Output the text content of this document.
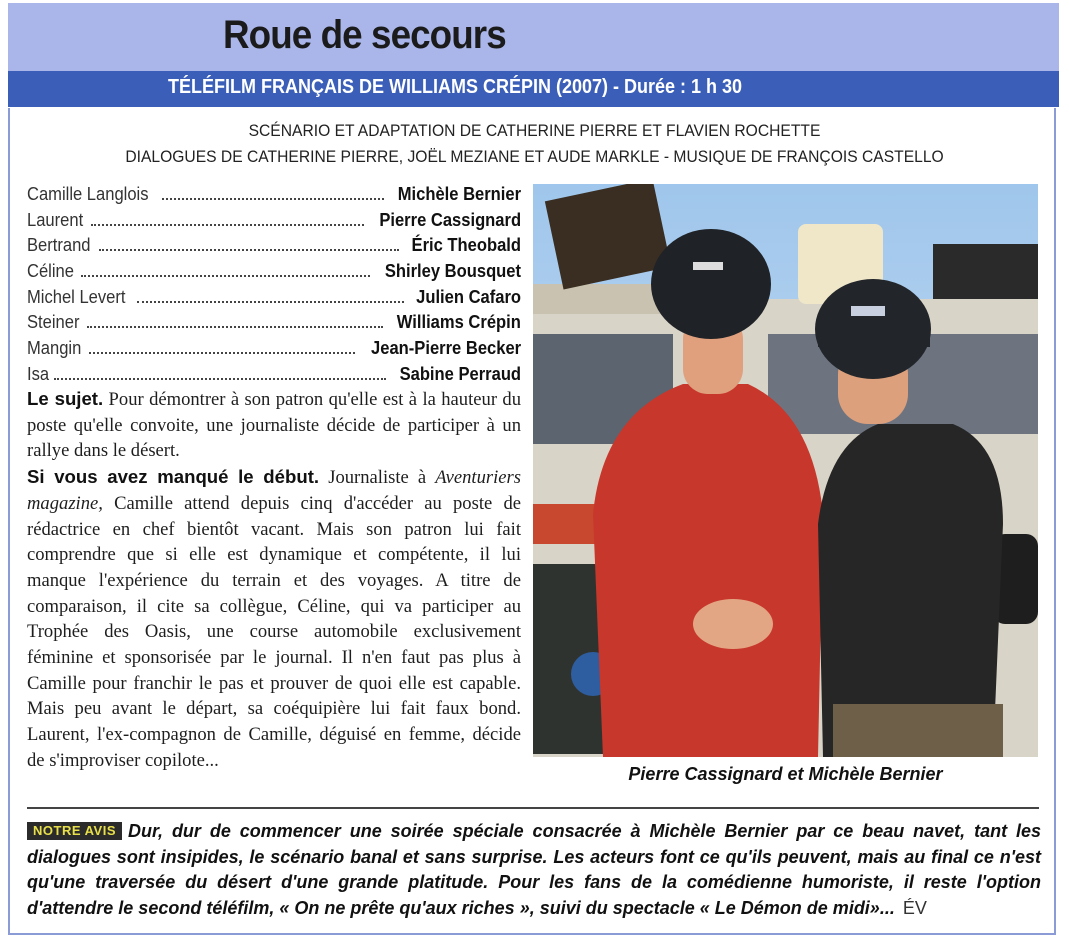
Roue de secours
TÉLÉFILM FRANÇAIS DE WILLIAMS CRÉPIN (2007) - Durée : 1 h 30
SCÉNARIO ET ADAPTATION DE CATHERINE PIERRE ET FLAVIEN ROCHETTE
DIALOGUES DE CATHERINE PIERRE, JOËL MEZIANE ET AUDE MARKLE - MUSIQUE DE FRANÇOIS CASTELLO
Camille Langlois	Michèle Bernier
Laurent	Pierre Cassignard
Bertrand	Éric Theobald
Céline	Shirley Bousquet
Michel Levert	Julien Cafaro
Steiner	Williams Crépin
Mangin	Jean-Pierre Becker
Isa	Sabine Perraud
Le sujet. Pour démontrer à son patron qu'elle est à la hauteur du poste qu'elle convoite, une journaliste décide de participer à un rallye dans le désert.
Si vous avez manqué le début. Journaliste à Aventuriers magazine, Camille attend depuis cinq d'accéder au poste de rédactrice en chef bientôt vacant. Mais son patron lui fait comprendre que si elle est dynamique et compétente, il lui manque l'expérience du terrain et des voyages. A titre de comparaison, il cite sa collègue, Céline, qui va participer au Trophée des Oasis, une course automobile exclusivement féminine et sponsorisée par le journal. Il n'en faut pas plus à Camille pour franchir le pas et prouver de quoi elle est capable. Mais peu avant le départ, sa coéquipière lui fait faux bond. Laurent, l'ex-compagnon de Camille, déguisé en femme, décide de s'improviser copilote...
Pierre Cassignard et Michèle Bernier
NOTRE AVIS Dur, dur de commencer une soirée spéciale consacrée à Michèle Bernier par ce beau navet, tant les dialogues sont insipides, le scénario banal et sans surprise. Les acteurs font ce qu'ils peuvent, mais au final ce n'est qu'une traversée du désert d'une grande platitude. Pour les fans de la comédienne humoriste, il reste l'option d'attendre le second téléfilm, « On ne prête qu'aux riches », suivi du spectacle « Le Démon de midi»... ÉV
